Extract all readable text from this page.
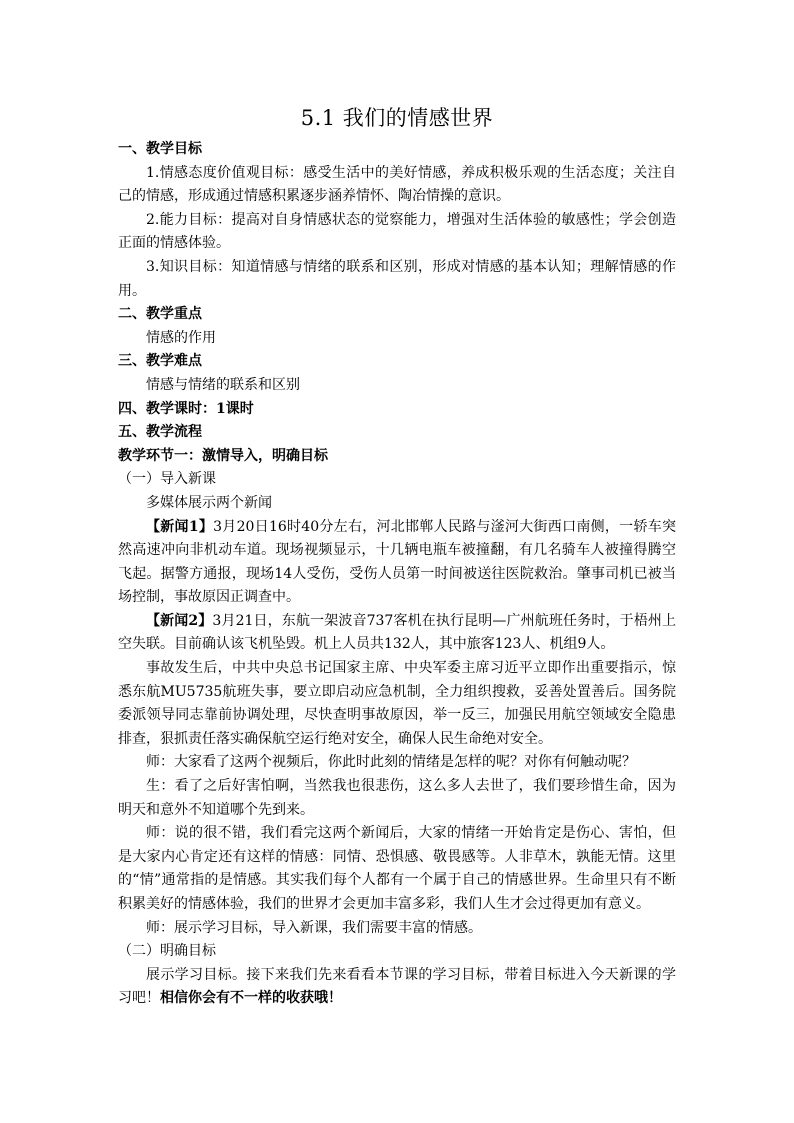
5.1 我们的情感世界
一、教学目标
1.情感态度价值观目标：感受生活中的美好情感，养成积极乐观的生活态度；关注自己的情感，形成通过情感积累逐步涵养情怀、陶冶情操的意识。
2.能力目标：提高对自身情感状态的觉察能力，增强对生活体验的敏感性；学会创造正面的情感体验。
3.知识目标：知道情感与情绪的联系和区别，形成对情感的基本认知；理解情感的作用。
二、教学重点
情感的作用
三、教学难点
情感与情绪的联系和区别
四、教学课时：1课时
五、教学流程
教学环节一：激情导入，明确目标
（一）导入新课
多媒体展示两个新闻
【新闻1】3月20日16时40分左右，河北邯郸人民路与滏河大街西口南侧，一轿车突然高速冲向非机动车道。现场视频显示，十几辆电瓶车被撞翻，有几名骑车人被撞得腾空飞起。据警方通报，现场14人受伤，受伤人员第一时间被送往医院救治。肇事司机已被当场控制，事故原因正调查中。
【新闻2】3月21日，东航一架波音737客机在执行昆明—广州航班任务时，于梧州上空失联。目前确认该飞机坠毁。机上人员共132人，其中旅客123人、机组9人。
事故发生后，中共中央总书记国家主席、中央军委主席习近平立即作出重要指示，惊悉东航MU5735航班失事，要立即启动应急机制，全力组织搜救，妥善处置善后。国务院委派领导同志靠前协调处理，尽快查明事故原因，举一反三，加强民用航空领域安全隐患排查，狠抓责任落实确保航空运行绝对安全，确保人民生命绝对安全。
师：大家看了这两个视频后，你此时此刻的情绪是怎样的呢？对你有何触动呢？
生：看了之后好害怕啊，当然我也很悲伤，这么多人去世了，我们要珍惜生命，因为明天和意外不知道哪个先到来。
师：说的很不错，我们看完这两个新闻后，大家的情绪一开始肯定是伤心、害怕，但是大家内心肯定还有这样的情感：同情、恐惧感、敬畏感等。人非草木，孰能无情。这里的“情”通常指的是情感。其实我们每个人都有一个属于自己的情感世界。生命里只有不断积累美好的情感体验，我们的世界才会更加丰富多彩，我们人生才会过得更加有意义。
师：展示学习目标，导入新课，我们需要丰富的情感。
（二）明确目标
展示学习目标。接下来我们先来看看本节课的学习目标，带着目标进入今天新课的学习吧！相信你会有不一样的收获哦！
